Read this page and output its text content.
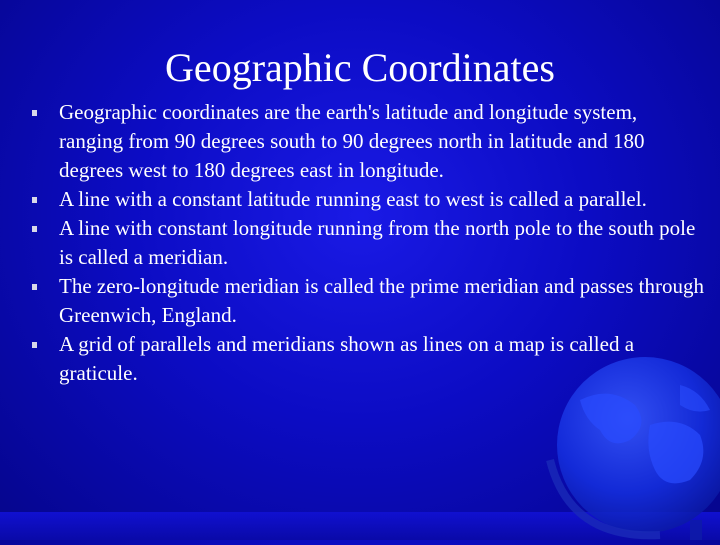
Geographic Coordinates
Geographic coordinates are the earth's latitude and longitude system, ranging from 90 degrees south to 90 degrees north in latitude and 180 degrees west to 180 degrees east in longitude.
A line with a constant latitude running east to west is called a parallel.
A line with constant longitude running from the north pole to the south pole is called a meridian.
The zero-longitude meridian is called the prime meridian and passes through Greenwich, England.
A grid of parallels and meridians shown as lines on a map is called a graticule.
